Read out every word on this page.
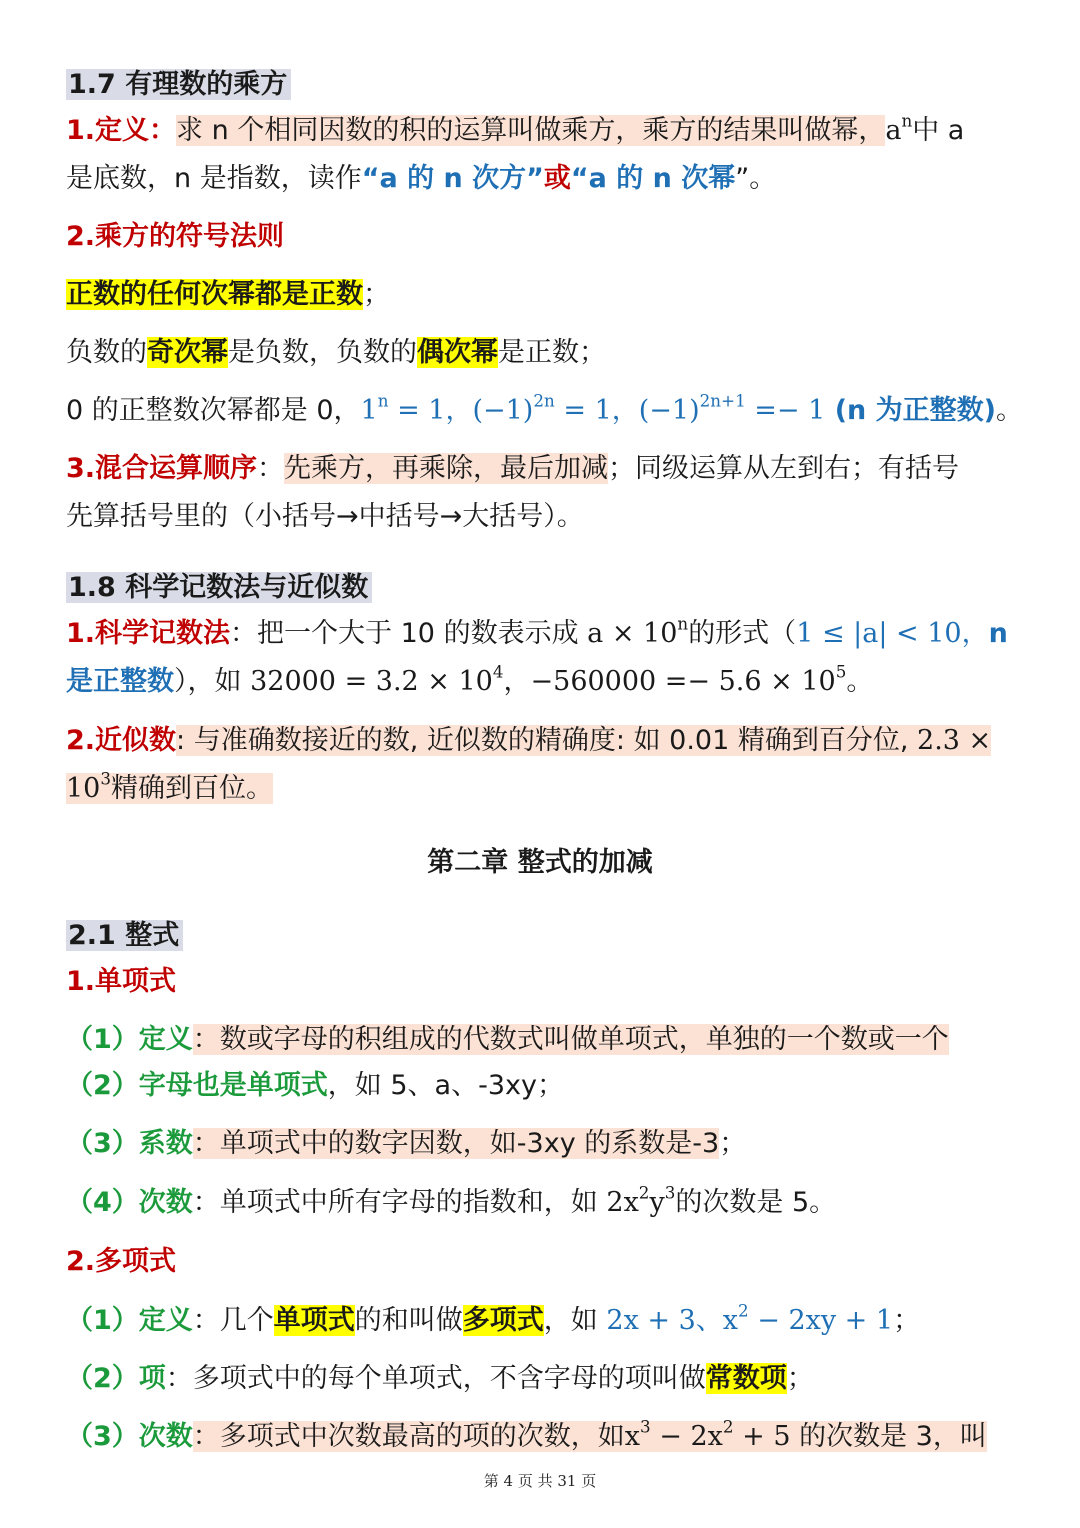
1.7 有理数的乘方
1.定义：求 n 个相同因数的积的运算叫做乘方，乘方的结果叫做幂，$a^n$中 a
是底数，n 是指数，读作“a 的 n 次方”或“a 的 n 次幂”。
2.乘方的符号法则
正数的任何次幂都是正数；
负数的奇次幂是负数，负数的偶次幂是正数；
0 的正整数次幂都是 0，$1^n = 1$，$(-1)^{2n} = 1$，$(-1)^{2n+1} =- 1$ (n 为正整数)。
3.混合运算顺序：先乘方，再乘除，最后加减；同级运算从左到右；有括号
先算括号里的（小括号→中括号→大括号）。
1.8 科学记数法与近似数
1.科学记数法：把一个大于 10 的数表示成 $a \times 10^n$的形式（1 ≤ |a| < 10，n
是正整数），如 $32000 = 3.2 \times 10^4$，$-560000 =- 5.6 \times 10^5$。
2.近似数: 与准确数接近的数, 近似数的精确度: 如 0.01 精确到百分位, 2.3 ×
$10^3$精确到百位。
第二章 整式的加减
2.1 整式
1.单项式
（1）定义：数或字母的积组成的代数式叫做单项式，单独的一个数或一个
（2）字母也是单项式，如 5、a、-3xy；
（3）系数：单项式中的数字因数，如-3xy 的系数是-3；
（4）次数：单项式中所有字母的指数和，如 $2x^2y^3$的次数是 5。
2.多项式
（1）定义：几个单项式的和叫做多项式，如 2x + 3、$x^2 - 2xy + 1$；
（2）项：多项式中的每个单项式，不含字母的项叫做常数项；
（3）次数：多项式中次数最高的项的次数，如$x^3 - 2x^2 + 5$ 的次数是 3，叫
第 4 页 共 31 页
